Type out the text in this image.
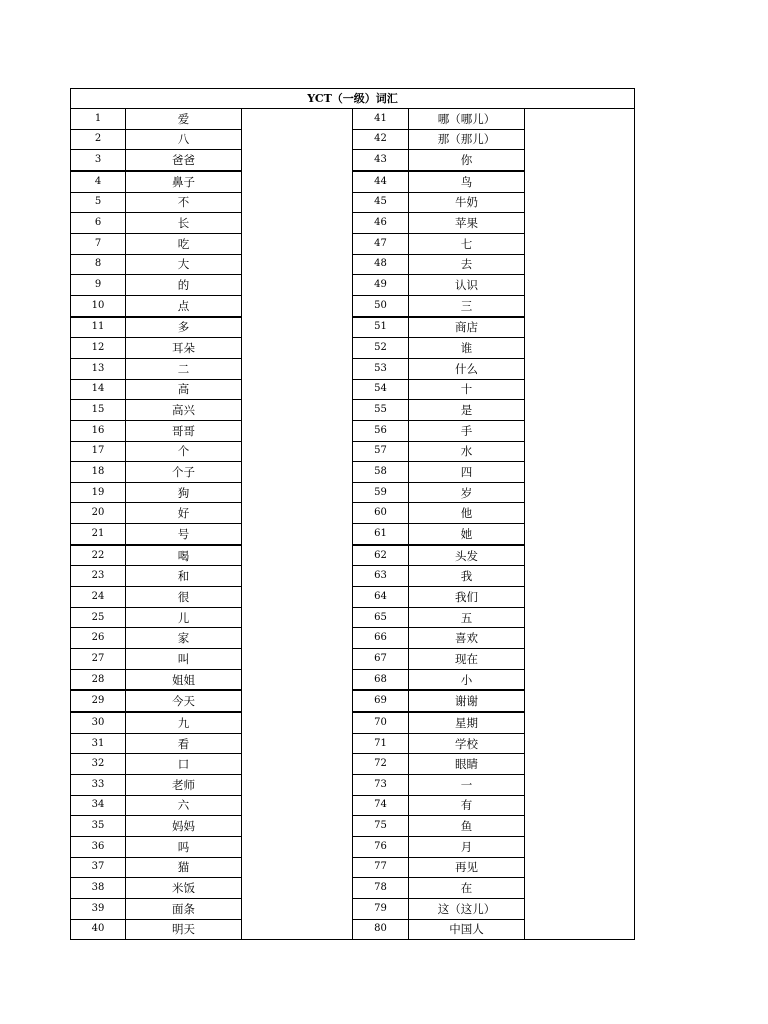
YCT（一级）词汇					
1	爱		41	哪（哪儿）	
2	八		42	那（那儿）	
3	爸爸		43	你	
4	鼻子		44	鸟	
5	不		45	牛奶	
6	长		46	苹果	
7	吃		47	七	
8	大		48	去	
9	的		49	认识	
10	点		50	三	
11	多		51	商店	
12	耳朵		52	谁	
13	二		53	什么	
14	高		54	十	
15	高兴		55	是	
16	哥哥		56	手	
17	个		57	水	
18	个子		58	四	
19	狗		59	岁	
20	好		60	他	
21	号		61	她	
22	喝		62	头发	
23	和		63	我	
24	很		64	我们	
25	儿		65	五	
26	家		66	喜欢	
27	叫		67	现在	
28	姐姐		68	小	
29	今天		69	谢谢	
30	九		70	星期	
31	看		71	学校	
32	口		72	眼睛	
33	老师		73	一	
34	六		74	有	
35	妈妈		75	鱼	
36	吗		76	月	
37	猫		77	再见	
38	米饭		78	在	
39	面条		79	这（这儿）	
40	明天		80	中国人	
